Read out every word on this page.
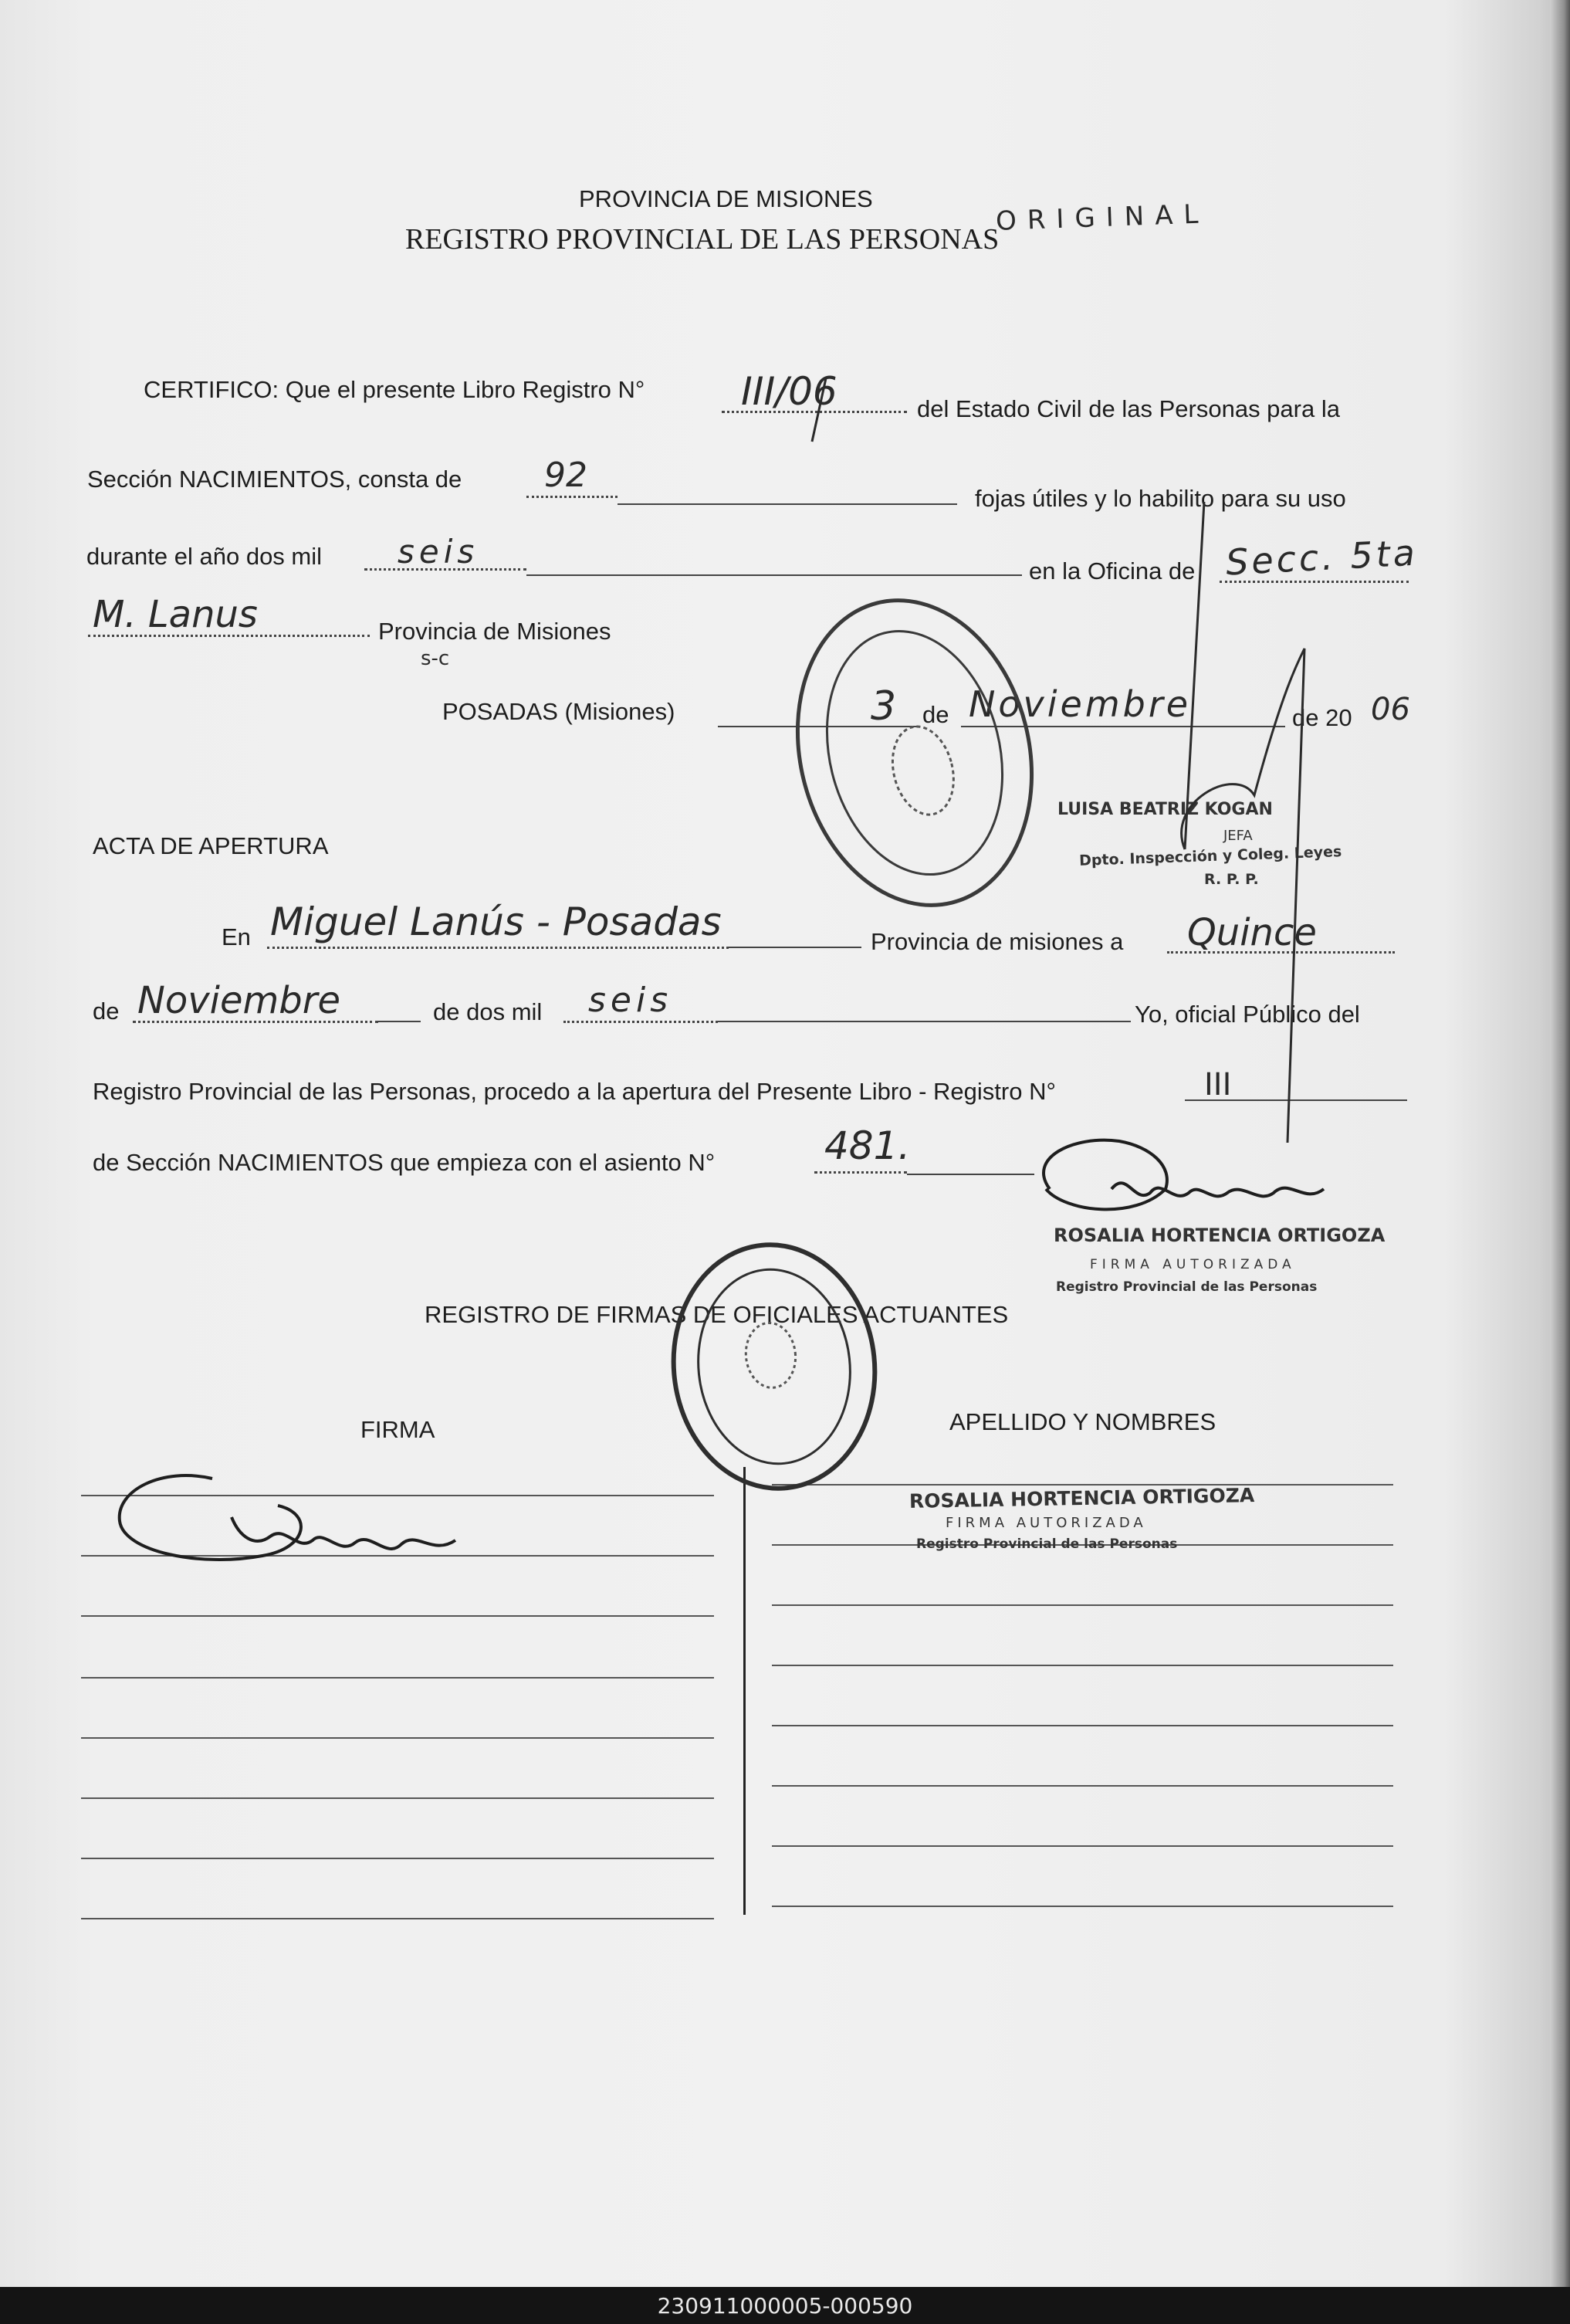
PROVINCIA DE MISIONES
REGISTRO PROVINCIAL DE LAS PERSONAS
ORIGINAL
CERTIFICO: Que el presente Libro Registro N° III/06	del Estado Civil de las Personas para la
Sección NACIMIENTOS, consta de 92
fojas útiles y lo habilito para su uso
durante el año dos mil seis
en la Oficina de Secc. 5ta
M. Lanus	Provincia de Misiones
s-c
POSADAS (Misiones)	3 de Noviembre	de 20 06
LUISA BEATRIZ KOGAN
JEFA
Dpto. Inspección y Coleg. Leyes
R. P. P.
ACTA DE APERTURA
En Miguel Lanús - Posadas	Provincia de misiones a Quince
de Noviembre	de dos mil seis	Yo, oficial Público del
Registro Provincial de las Personas, procedo a la apertura del Presente Libro - Registro N°	III
de Sección NACIMIENTOS que empieza con el asiento N°	481.
ROSALIA HORTENCIA ORTIGOZA
FIRMA AUTORIZADA
Registro Provincial de las Personas
REGISTRO DE FIRMAS DE OFICIALES ACTUANTES
FIRMA	APELLIDO Y NOMBRES
ROSALIA HORTENCIA ORTIGOZA
FIRMA AUTORIZADA
Registro Provincial de las Personas
230911000005-000590
